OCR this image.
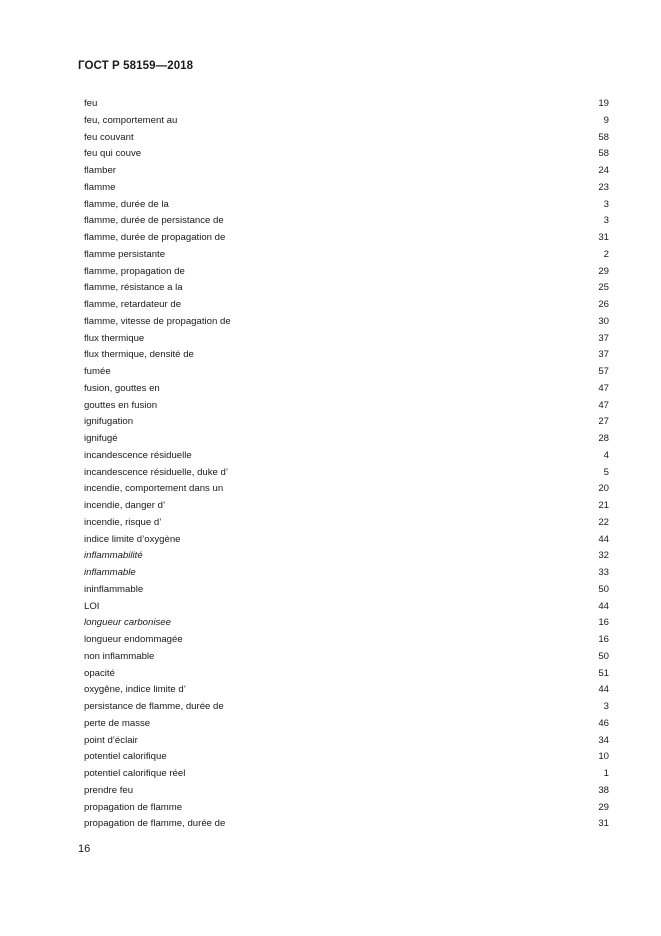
ГОСТ Р 58159—2018
feu	19
feu, comportement au	9
feu couvant	58
feu qui couve	58
flamber	24
flamme	23
flamme, durée de la	3
flamme, durée de persistance de	3
flamme, durée de propagation de	31
flamme persistante	2
flamme, propagation de	29
flamme, résistance a la	25
flamme, retardateur de	26
flamme, vitesse de propagation de	30
flux thermique	37
flux thermique, densité de	37
fumée	57
fusion, gouttes en	47
gouttes en fusion	47
ignifugation	27
ignifugé	28
incandescence résiduelle	4
incandescence résiduelle, duke d’	5
incendie, comportement dans un	20
incendie, danger d’	21
incendie, risque d’	22
indice limite d’oxygène	44
inflammabilité	32
inflammable	33
ininflammable	50
LOI	44
longueur carbonisee	16
longueur endommagée	16
non inflammable	50
opacité	51
oxygêne, indice limite d’	44
persistance de flamme, durée de	3
perte de masse	46
point d’éclair	34
potentiel calorifique	10
potentiel calorifique réel	1
prendre feu	38
propagation de flamme	29
propagation de flamme, durée de	31
16
